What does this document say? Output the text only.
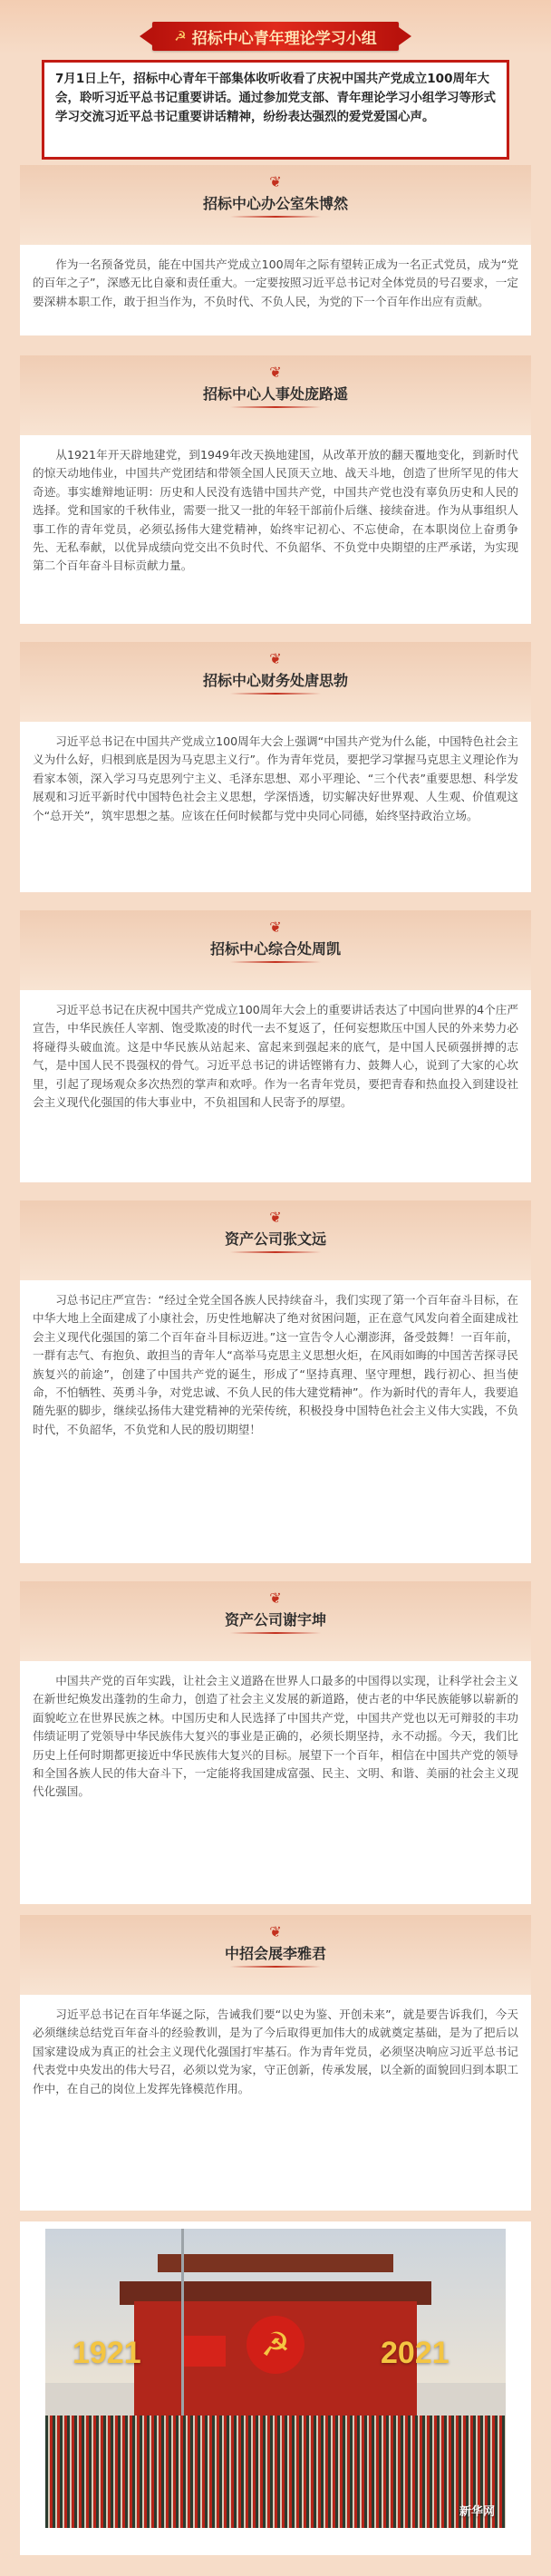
☭ 招标中心青年理论学习小组
7月1日上午，招标中心青年干部集体收听收看了庆祝中国共产党成立100周年大会，聆听习近平总书记重要讲话。通过参加党支部、青年理论学习小组学习等形式学习交流习近平总书记重要讲话精神，纷纷表达强烈的爱党爱国心声。
❦
招标中心办公室朱博然
作为一名预备党员，能在中国共产党成立100周年之际有望转正成为一名正式党员，成为“党的百年之子”，深感无比自豪和责任重大。一定要按照习近平总书记对全体党员的号召要求，一定要深耕本职工作，敢于担当作为，不负时代、不负人民，为党的下一个百年作出应有贡献。
❦
招标中心人事处庞路遥
从1921年开天辟地建党，到1949年改天换地建国，从改革开放的翻天覆地变化，到新时代的惊天动地伟业，中国共产党团结和带领全国人民顶天立地、战天斗地，创造了世所罕见的伟大奇迹。事实雄辩地证明：历史和人民没有选错中国共产党，中国共产党也没有辜负历史和人民的选择。党和国家的千秋伟业，需要一批又一批的年轻干部前仆后继、接续奋进。作为从事组织人事工作的青年党员，必须弘扬伟大建党精神，始终牢记初心、不忘使命，在本职岗位上奋勇争先、无私奉献，以优异成绩向党交出不负时代、不负韶华、不负党中央期望的庄严承诺，为实现第二个百年奋斗目标贡献力量。
❦
招标中心财务处唐思勃
习近平总书记在中国共产党成立100周年大会上强调“中国共产党为什么能，中国特色社会主义为什么好，归根到底是因为马克思主义行”。作为青年党员，要把学习掌握马克思主义理论作为看家本领，深入学习马克思列宁主义、毛泽东思想、邓小平理论、“三个代表”重要思想、科学发展观和习近平新时代中国特色社会主义思想，学深悟透，切实解决好世界观、人生观、价值观这个“总开关”，筑牢思想之基。应该在任何时候都与党中央同心同德，始终坚持政治立场。
❦
招标中心综合处周凯
习近平总书记在庆祝中国共产党成立100周年大会上的重要讲话表达了中国向世界的4个庄严宣告，中华民族任人宰割、饱受欺凌的时代一去不复返了，任何妄想欺压中国人民的外来势力必将碰得头破血流。这是中华民族从站起来、富起来到强起来的底气，是中国人民硕强拼搏的志气，是中国人民不畏强权的骨气。习近平总书记的讲话铿锵有力、鼓舞人心，说到了大家的心坎里，引起了现场观众多次热烈的掌声和欢呼。作为一名青年党员，要把青春和热血投入到建设社会主义现代化强国的伟大事业中，不负祖国和人民寄予的厚望。
❦
资产公司张文远
习总书记庄严宣告：“经过全党全国各族人民持续奋斗，我们实现了第一个百年奋斗目标，在中华大地上全面建成了小康社会，历史性地解决了绝对贫困问题，正在意气风发向着全面建成社会主义现代化强国的第二个百年奋斗目标迈进。”这一宣告令人心潮澎湃，备受鼓舞！一百年前，一群有志气、有抱负、敢担当的青年人“高举马克思主义思想火炬，在风雨如晦的中国苦苦探寻民族复兴的前途”，创建了中国共产党的诞生，形成了“坚持真理、坚守理想，践行初心、担当使命，不怕牺牲、英勇斗争，对党忠诚、不负人民的伟大建党精神”。作为新时代的青年人，我要追随先驱的脚步，继续弘扬伟大建党精神的光荣传统，积极投身中国特色社会主义伟大实践，不负时代，不负韶华，不负党和人民的殷切期望！
❦
资产公司谢宇坤
中国共产党的百年实践，让社会主义道路在世界人口最多的中国得以实现，让科学社会主义在新世纪焕发出蓬勃的生命力，创造了社会主义发展的新道路，使古老的中华民族能够以崭新的面貌屹立在世界民族之林。中国历史和人民选择了中国共产党，中国共产党也以无可辩驳的丰功伟绩证明了党领导中华民族伟大复兴的事业是正确的，必须长期坚持，永不动摇。今天，我们比历史上任何时期都更接近中华民族伟大复兴的目标。展望下一个百年，相信在中国共产党的领导和全国各族人民的伟大奋斗下，一定能将我国建成富强、民主、文明、和谐、美丽的社会主义现代化强国。
❦
中招会展李雅君
习近平总书记在百年华诞之际，告诫我们要“以史为鉴、开创未来”，就是要告诉我们，今天必须继续总结党百年奋斗的经验教训，是为了今后取得更加伟大的成就奠定基础，是为了把后以国家建设成为真正的社会主义现代化强国打牢基石。作为青年党员，必须坚决响应习近平总书记代表党中央发出的伟大号召，必须以党为家，守正创新，传承发展，以全新的面貌回归到本职工作中，在自己的岗位上发挥先锋模范作用。
☭
1921	2021
新华网
